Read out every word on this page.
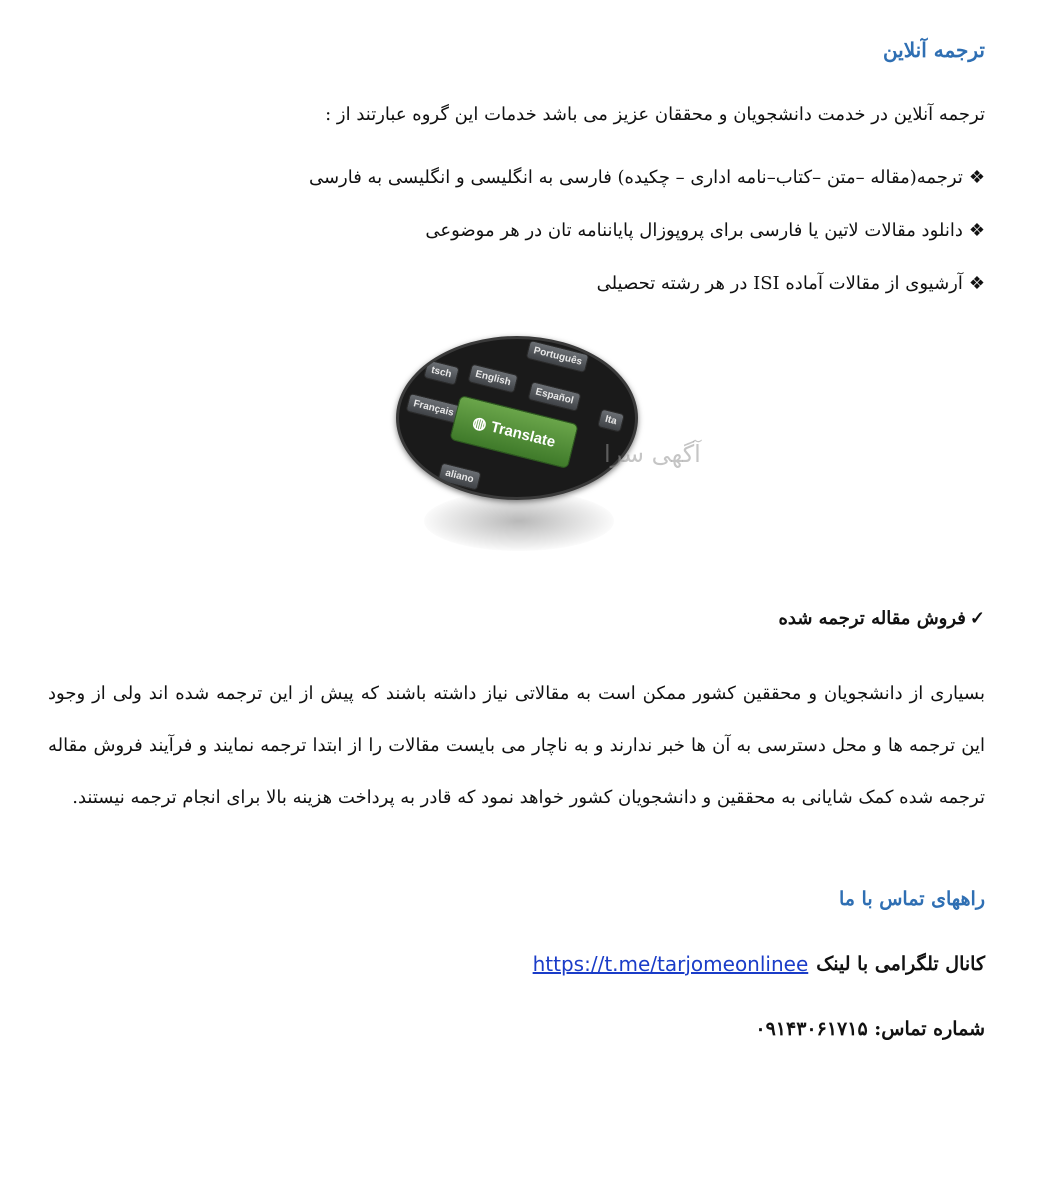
ترجمه آنلاین
ترجمه آنلاین در خدمت دانشجویان و محققان عزیز می باشد خدمات این گروه عبارتند از :
❖
ترجمه(مقاله –متن –کتاب–نامه اداری – چکیده) فارسی به انگلیسی و انگلیسی به فارسی
❖
دانلود مقالات لاتین یا فارسی برای پروپوزال پایاننامه تان در هر موضوعی
❖
آرشیوی از مقالات آماده ISI در هر رشته تحصیلی
Português
English
Español
Français
tsch
Ita
aliano
◍ Translate
آگهی سرا
✓
فروش مقاله ترجمه شده
بسیاری از دانشجویان و محققین کشور ممکن است به مقالاتی نیاز داشته باشند که پیش از این ترجمه شده اند ولی از وجود این ترجمه ها و محل دسترسی به آن ها خبر ندارند و به ناچار می بایست مقالات را از ابتدا ترجمه نمایند و فرآیند فروش مقاله ترجمه شده کمک شایانی به محققین و دانشجویان کشور خواهد نمود که قادر به پرداخت هزینه بالا برای انجام ترجمه نیستند.
راههای تماس با ما
کانال تلگرامی با لینک
https://t.me/tarjomeonlinee
شماره تماس: ۰۹۱۴۳۰۶۱۷۱۵
